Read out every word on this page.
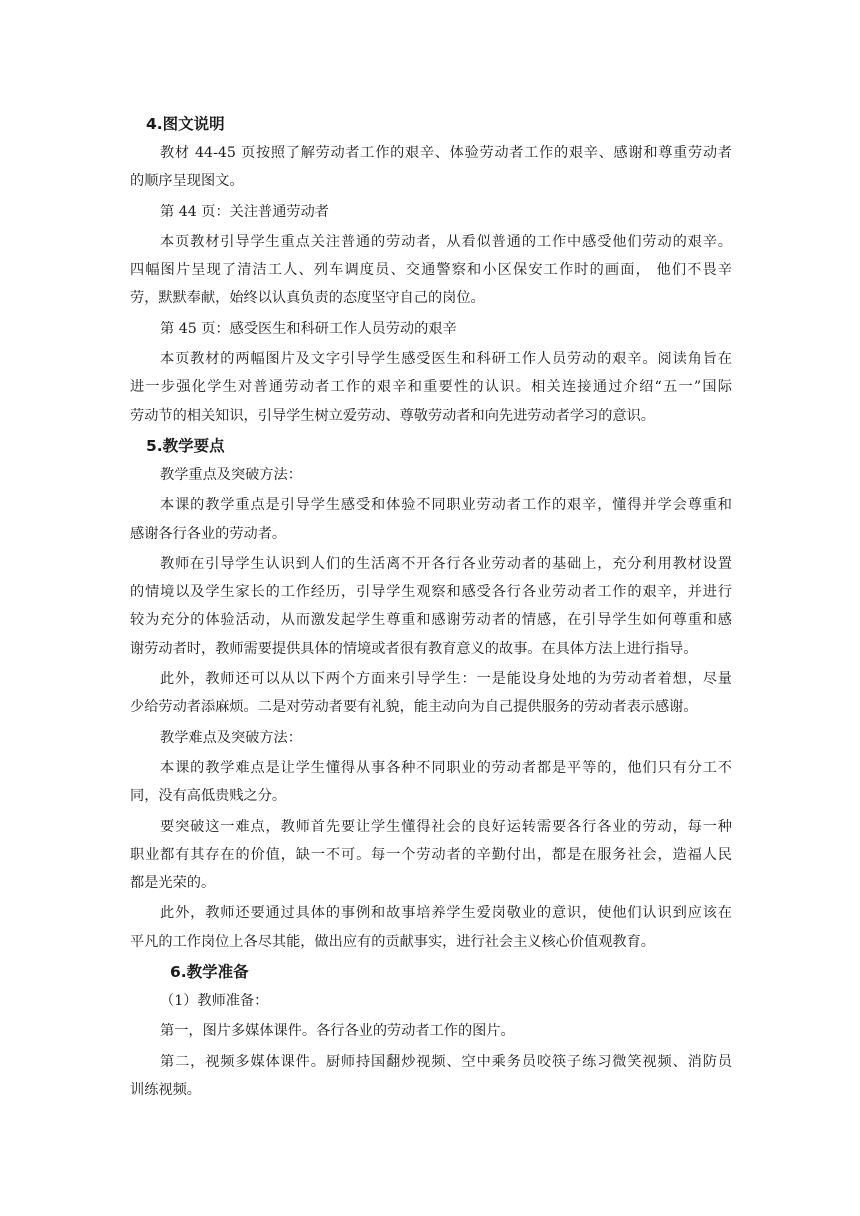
4.图文说明
教材 44-45 页按照了解劳动者工作的艰辛、体验劳动者工作的艰辛、感谢和尊重劳动者
的顺序呈现图文。
第 44 页：关注普通劳动者
本页教材引导学生重点关注普通的劳动者，从看似普通的工作中感受他们劳动的艰辛。
四幅图片呈现了清洁工人、列车调度员、交通警察和小区保安工作时的画面， 他们不畏辛
劳，默默奉献，始终以认真负责的态度坚守自己的岗位。
第 45 页：感受医生和科研工作人员劳动的艰辛
本页教材的两幅图片及文字引导学生感受医生和科研工作人员劳动的艰辛。阅读角旨在
进一步强化学生对普通劳动者工作的艰辛和重要性的认识。相关连接通过介绍“五一”国际
劳动节的相关知识，引导学生树立爱劳动、尊敬劳动者和向先进劳动者学习的意识。
5.教学要点
教学重点及突破方法：
本课的教学重点是引导学生感受和体验不同职业劳动者工作的艰辛，懂得并学会尊重和
感谢各行各业的劳动者。
教师在引导学生认识到人们的生活离不开各行各业劳动者的基础上，充分利用教材设置
的情境以及学生家长的工作经历，引导学生观察和感受各行各业劳动者工作的艰辛，并进行
较为充分的体验活动，从而激发起学生尊重和感谢劳动者的情感，在引导学生如何尊重和感
谢劳动者时，教师需要提供具体的情境或者很有教育意义的故事。在具体方法上进行指导。
此外，教师还可以从以下两个方面来引导学生：一是能设身处地的为劳动者着想，尽量
少给劳动者添麻烦。二是对劳动者要有礼貌，能主动向为自己提供服务的劳动者表示感谢。
教学难点及突破方法：
本课的教学难点是让学生懂得从事各种不同职业的劳动者都是平等的，他们只有分工不
同，没有高低贵贱之分。
要突破这一难点，教师首先要让学生懂得社会的良好运转需要各行各业的劳动，每一种
职业都有其存在的价值，缺一不可。每一个劳动者的辛勤付出，都是在服务社会，造福人民
都是光荣的。
此外，教师还要通过具体的事例和故事培养学生爱岗敬业的意识，使他们认识到应该在
平凡的工作岗位上各尽其能，做出应有的贡献事实，进行社会主义核心价值观教育。
6.教学准备
（1）教师准备：
第一，图片多媒体课件。各行各业的劳动者工作的图片。
第二，视频多媒体课件。厨师持国翻炒视频、空中乘务员咬筷子练习微笑视频、消防员
训练视频。
